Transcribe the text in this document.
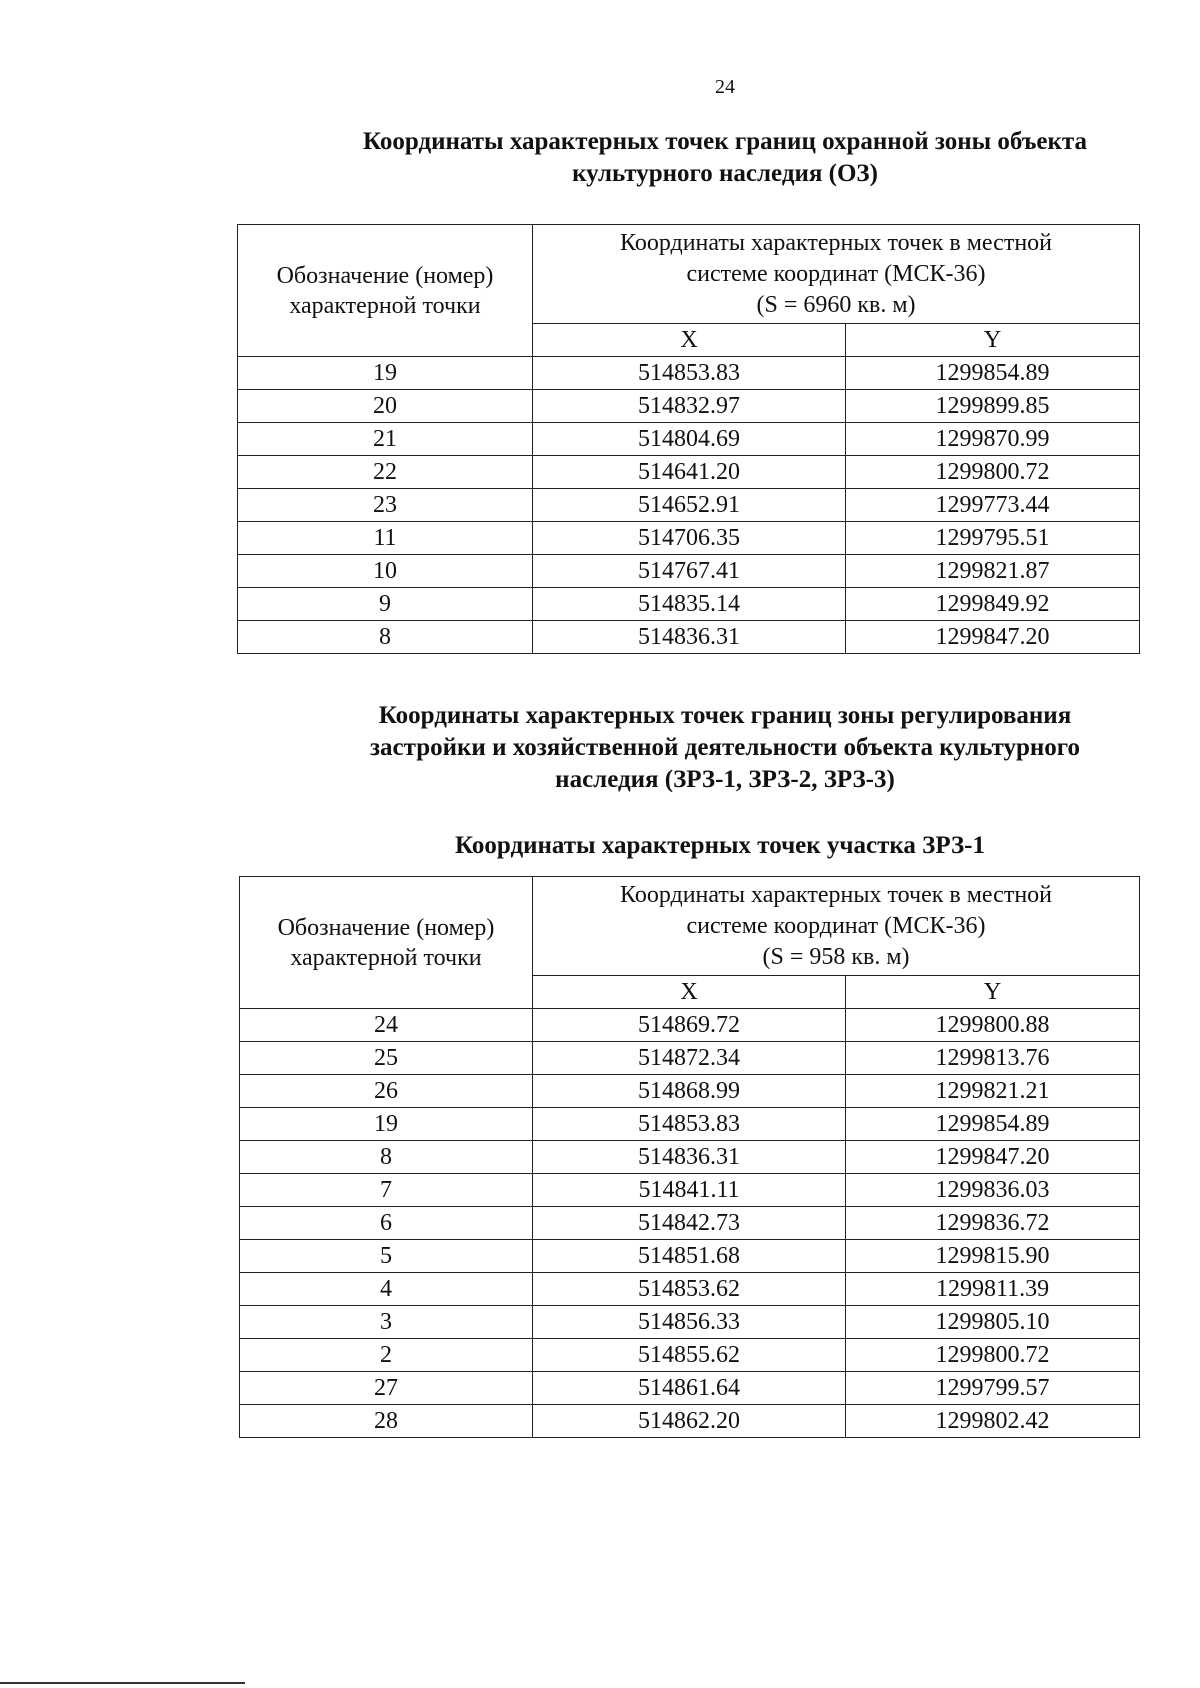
24
Координаты характерных точек границ охранной зоны объекта культурного наследия (ОЗ)
Обозначение (номер) характерной точки	Координаты характерных точек в местной
системе координат (МСК-36)
(S = 6960 кв. м)	

	X	Y
19	514853.83	1299854.89
20	514832.97	1299899.85
21	514804.69	1299870.99
22	514641.20	1299800.72
23	514652.91	1299773.44
11	514706.35	1299795.51
10	514767.41	1299821.87
9	514835.14	1299849.92
8	514836.31	1299847.20
Координаты характерных точек границ зоны регулирования
застройки и хозяйственной деятельности объекта культурного
наследия (ЗРЗ-1, ЗРЗ-2, ЗРЗ-3)
Координаты характерных точек участка ЗРЗ-1
Обозначение (номер) характерной точки	Координаты характерных точек в местной
системе координат (МСК-36)
(S = 958 кв. м)	

	X	Y
24	514869.72	1299800.88
25	514872.34	1299813.76
26	514868.99	1299821.21
19	514853.83	1299854.89
8	514836.31	1299847.20
7	514841.11	1299836.03
6	514842.73	1299836.72
5	514851.68	1299815.90
4	514853.62	1299811.39
3	514856.33	1299805.10
2	514855.62	1299800.72
27	514861.64	1299799.57
28	514862.20	1299802.42
